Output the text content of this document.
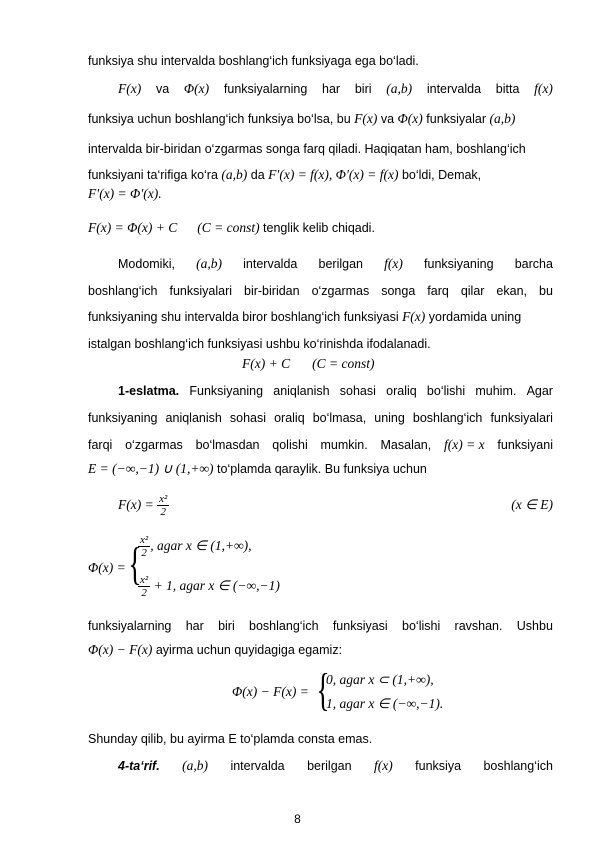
funksiya shu intervalda boshlang‘ich funksiyaga ega bo‘ladi.
F(x) va Φ(x) funksiyalarning har biri (a,b) intervalda bitta f(x)
funksiya uchun boshlang‘ich funksiya bo‘lsa, bu F(x) va Φ(x) funksiyalar (a,b)
intervalda bir-biridan o‘zgarmas songa farq qiladi. Haqiqatan ham, boshlang‘ich
funksiyani ta‘rifiga ko‘ra (a,b) da F′(x) = f(x), Φ′(x) = f(x) bo‘ldi, Demak,
F′(x) = Φ′(x).
F(x) = Φ(x) + C (C = const) tenglik kelib chiqadi.
Modomiki, (a,b) intervalda berilgan f(x) funksiyaning barcha
boshlang‘ich funksiyalari bir-biridan o‘zgarmas songa farq qilar ekan, bu
funksiyaning shu intervalda biror boshlang‘ich funksiyasi F(x) yordamida uning
istalgan boshlang‘ich funksiyasi ushbu ko‘rinishda ifodalanadi.
F(x) + C (C = const)
1-eslatma. Funksiyaning aniqlanish sohasi oraliq bo‘lishi muhim. Agar
funksiyaning aniqlanish sohasi oraliq bo‘lmasa, uning boshlang‘ich funksiyalari
farqi o‘zgarmas bo‘lmasdan qolishi mumkin. Masalan, f(x) = x funksiyani
E = (−∞,−1) ∪ (1,+∞) to‘plamda qaraylik. Bu funksiya uchun
$F(x) = \frac{\text{x²}}{2}$	(x ∈ E)
Φ(x) = {
$\frac{\text{x²}}{2}$ , agar x ∈ (1,+∞),
$\frac{\text{x²}}{2} + 1$, agar x ∈ (−∞,−1)
funksiyalarning har biri boshlang‘ich funksiyasi bo‘lishi ravshan. Ushbu
Φ(x) − F(x) ayirma uchun quyidagiga egamiz:
Φ(x) − F(x) = {
0, agar x ⊂ (1,+∞),
1, agar x ∈ (−∞,−1).
Shunday qilib, bu ayirma E to‘plamda consta emas.
4-ta‘rif. (a,b) intervalda berilgan f(x) funksiya boshlang‘ich
8
